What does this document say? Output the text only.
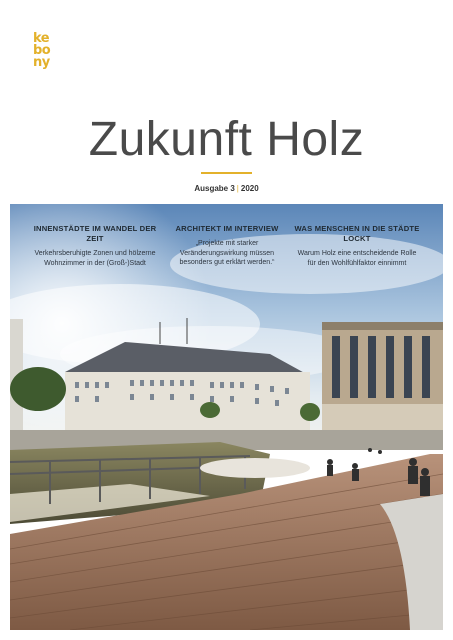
ke
bo
ny
Zukunft Holz
Ausgabe 3 | 2020
INNENSTÄDTE IM WANDEL DER ZEIT

Verkehrsberuhigte Zonen und hölzerne Wohnzimmer in der (Groß-)Stadt

ARCHITEKT IM INTERVIEW

„Projekte mit starker Veränderungswirkung müssen besonders gut erklärt werden.“

WAS MENSCHEN IN DIE STÄDTE LOCKT

Warum Holz eine entscheidende Rolle für den Wohlfühlfaktor einnimmt
